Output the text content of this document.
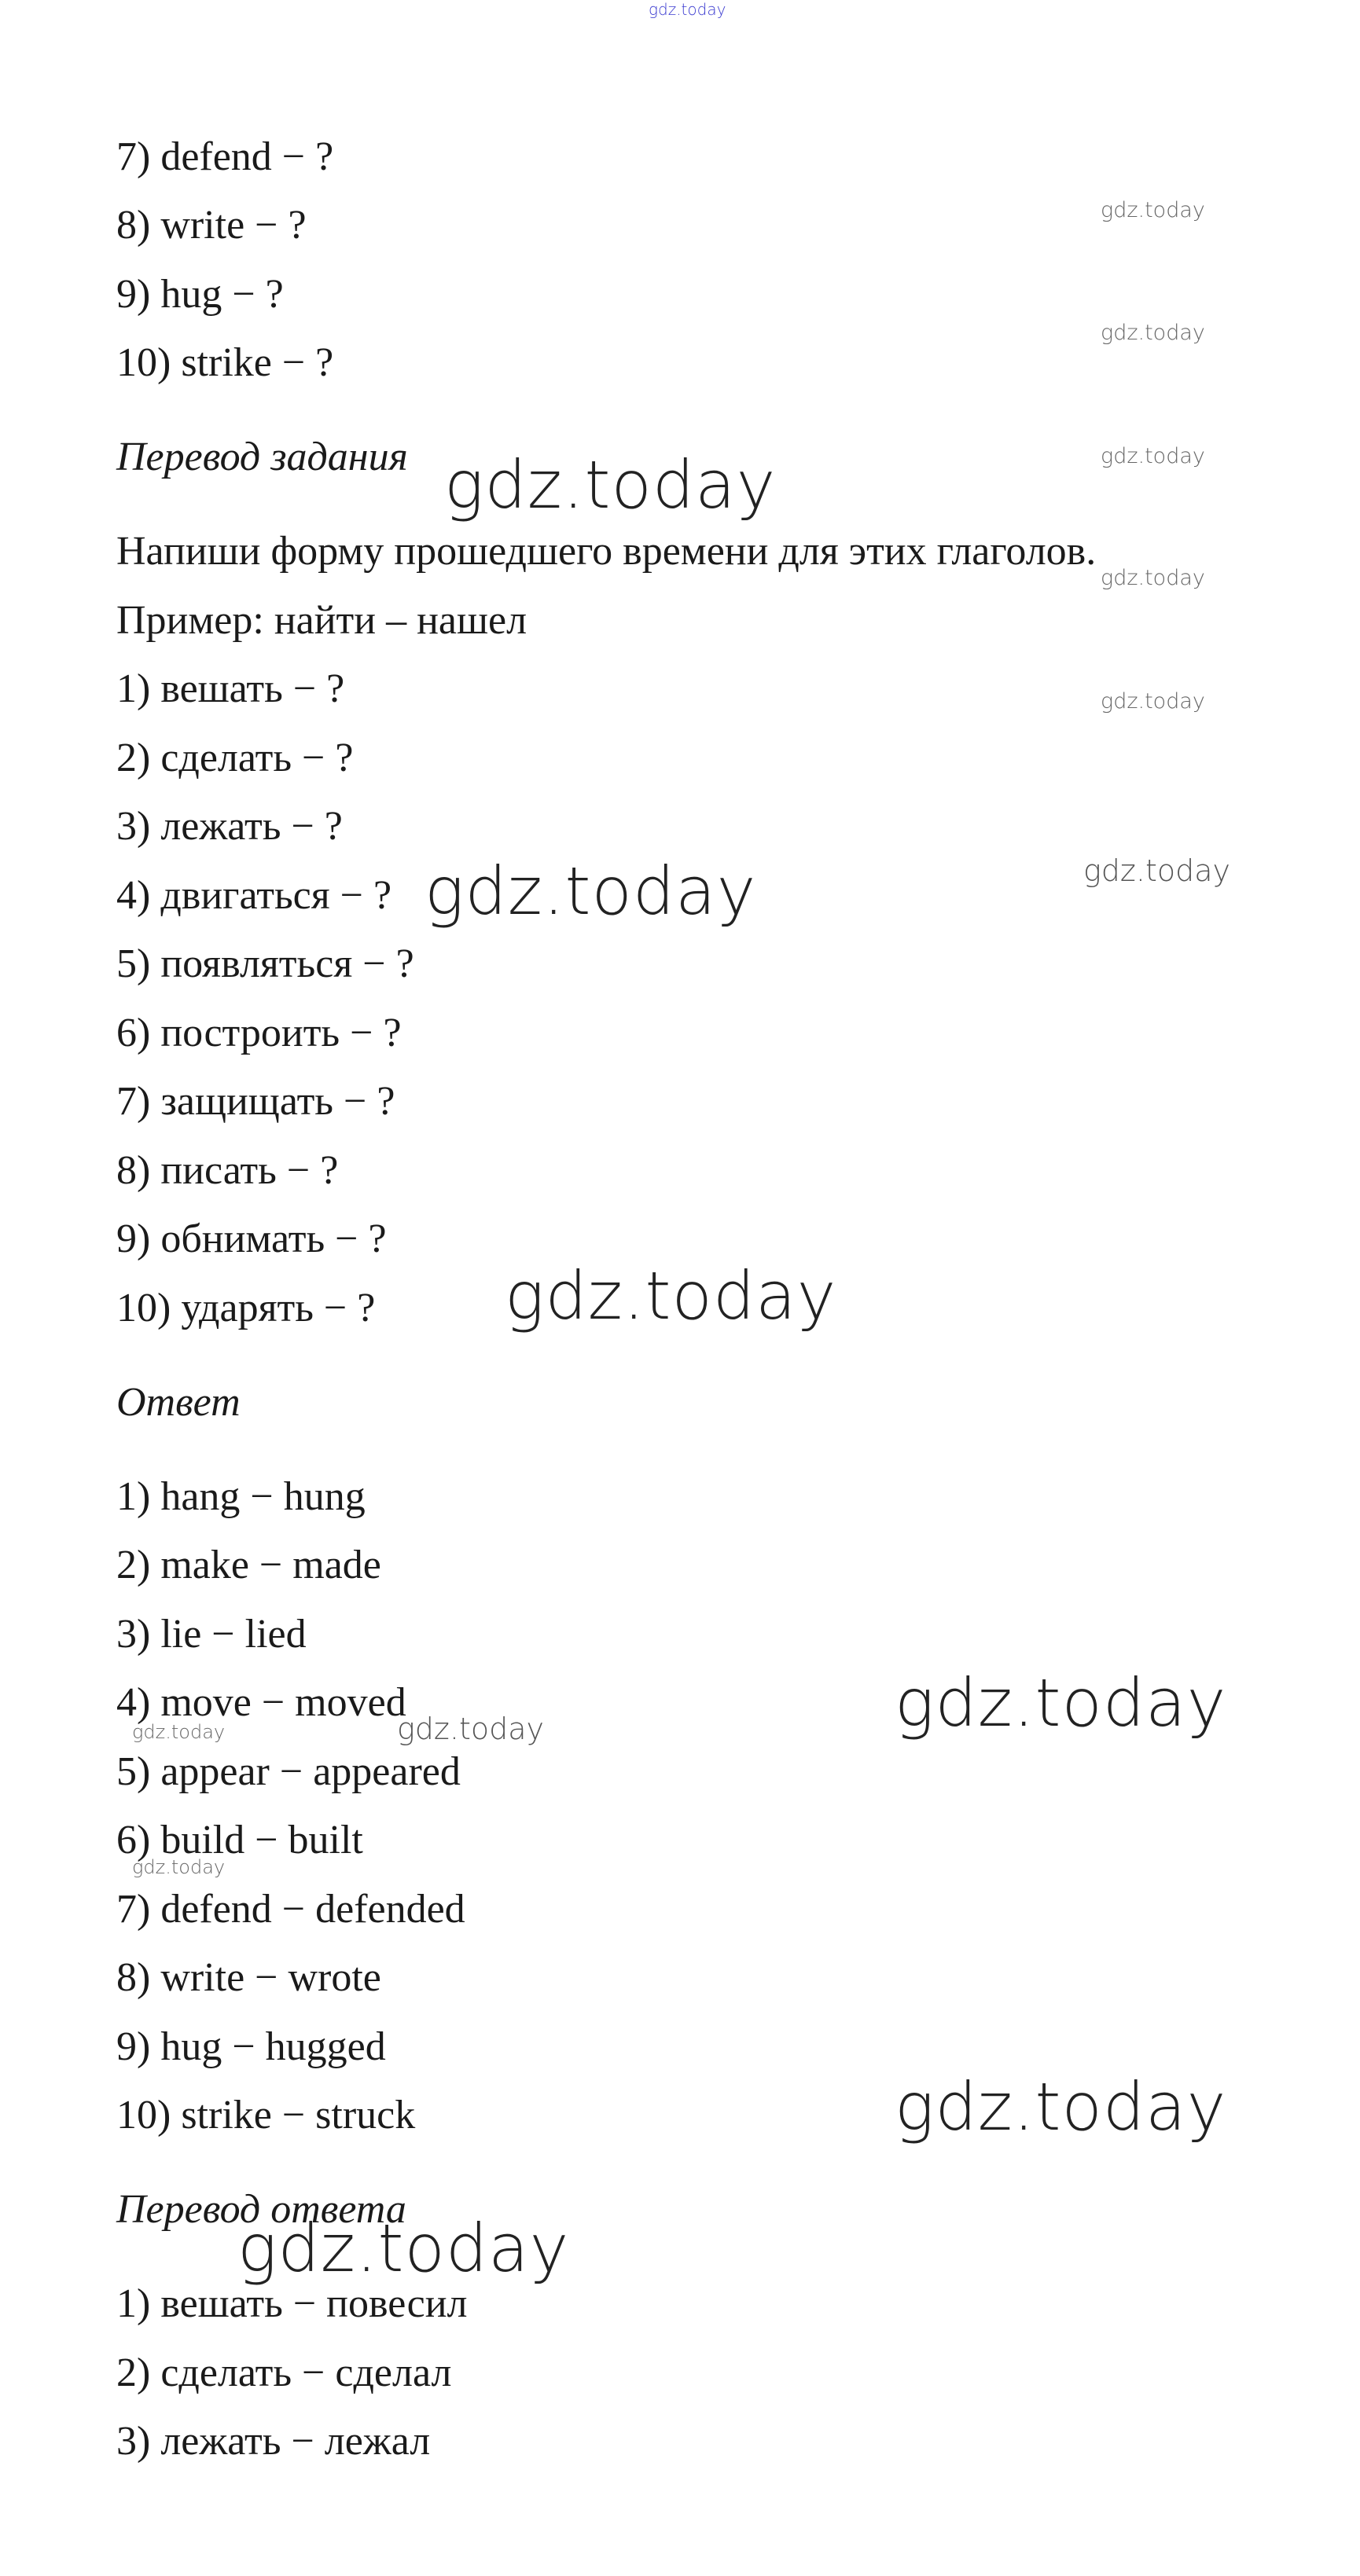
gdz.today
7) defend − ?
8) write − ?
9) hug − ?
10) strike − ?
Перевод задания
Напиши форму прошедшего времени для этих глаголов.
Пример: найти – нашел
1) вешать − ?
2) сделать − ?
3) лежать − ?
4) двигаться − ?
5) появляться − ?
6) построить − ?
7) защищать − ?
8) писать − ?
9) обнимать − ?
10) ударять − ?
Ответ
1) hang − hung
2) make − made
3) lie − lied
4) move − moved
5) appear − appeared
6) build − built
7) defend − defended
8) write − wrote
9) hug − hugged
10) strike − struck
Перевод ответа
1) вешать − повесил
2) сделать − сделал
3) лежать − лежал
gdz.today
gdz.today
gdz.today
gdz.today
gdz.today
gdz.today
gdz.today
gdz.today
gdz.today
gdz.today
gdz.today	gdz.today
gdz.today
gdz.today
gdz.today
